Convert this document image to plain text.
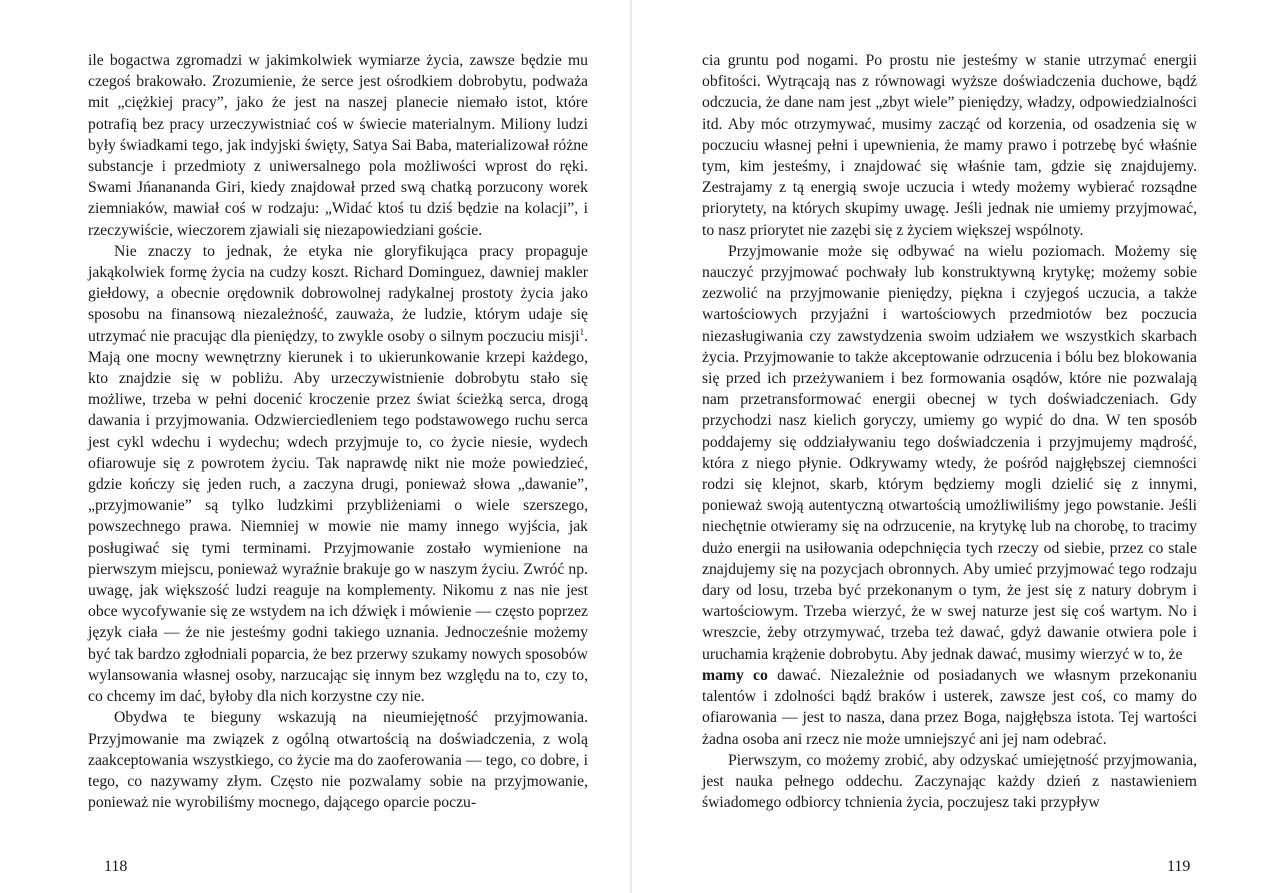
ile bogactwa zgromadzi w jakimkolwiek wymiarze życia, zawsze będzie mu czegoś brakowało. Zrozumienie, że serce jest ośrodkiem dobrobytu, podważa mit „ciężkiej pracy”, jako że jest na naszej planecie niemało istot, które potrafią bez pracy urzeczywistniać coś w świecie materialnym. Miliony ludzi były świadkami tego, jak indyjski święty, Satya Sai Baba, materializował różne substancje i przedmioty z uniwersalnego pola możliwości wprost do ręki. Swami Jńanananda Giri, kiedy znajdował przed swą chatką porzucony worek ziemniaków, mawiał coś w rodzaju: „Widać ktoś tu dziś będzie na kolacji”, i rzeczywiście, wieczorem zjawiali się niezapowiedziani goście.

Nie znaczy to jednak, że etyka nie gloryfikująca pracy propaguje jakąkolwiek formę życia na cudzy koszt. Richard Dominguez, dawniej makler giełdowy, a obecnie orędownik dobrowolnej radykalnej prostoty życia jako sposobu na finansową niezależność, zauważa, że ludzie, którym udaje się utrzymać nie pracując dla pieniędzy, to zwykle osoby o silnym poczuciu misji$^1$. Mają one mocny wewnętrzny kierunek i to ukierunkowanie krzepi każdego, kto znajdzie się w pobliżu. Aby urzeczywistnienie dobrobytu stało się możliwe, trzeba w pełni docenić kroczenie przez świat ścieżką serca, drogą dawania i przyjmowania. Odzwierciedleniem tego podstawowego ruchu serca jest cykl wdechu i wydechu; wdech przyjmuje to, co życie niesie, wydech ofiarowuje się z powrotem życiu. Tak naprawdę nikt nie może powiedzieć, gdzie kończy się jeden ruch, a zaczyna drugi, ponieważ słowa „dawanie”, „przyjmowanie” są tylko ludzkimi przybliżeniami o wiele szerszego, powszechnego prawa. Niemniej w mowie nie mamy innego wyjścia, jak posługiwać się tymi terminami. Przyjmowanie zostało wymienione na pierwszym miejscu, ponieważ wyraźnie brakuje go w naszym życiu. Zwróć np. uwagę, jak większość ludzi reaguje na komplementy. Nikomu z nas nie jest obce wycofywanie się ze wstydem na ich dźwięk i mówienie — często poprzez język ciała — że nie jesteśmy godni takiego uznania. Jednocześnie możemy być tak bardzo zgłodniali poparcia, że bez przerwy szukamy nowych sposobów wylansowania własnej osoby, narzucając się innym bez względu na to, czy to, co chcemy im dać, byłoby dla nich korzystne czy nie.

Obydwa te bieguny wskazują na nieumiejętność przyjmowania. Przyjmowanie ma związek z ogólną otwartością na doświadczenia, z wolą zaakceptowania wszystkiego, co życie ma do zaoferowania — tego, co dobre, i tego, co nazywamy złym. Często nie pozwalamy sobie na przyjmowanie, ponieważ nie wyrobiliśmy mocnego, dającego oparcie poczu-

118

cia gruntu pod nogami. Po prostu nie jesteśmy w stanie utrzymać energii obfitości. Wytrącają nas z równowagi wyższe doświadczenia duchowe, bądź odczucia, że dane nam jest „zbyt wiele” pieniędzy, władzy, odpowiedzialności itd. Aby móc otrzymywać, musimy zacząć od korzenia, od osadzenia się w poczuciu własnej pełni i upewnienia, że mamy prawo i potrzebę być właśnie tym, kim jesteśmy, i znajdować się właśnie tam, gdzie się znajdujemy. Zestrajamy z tą energią swoje uczucia i wtedy możemy wybierać rozsądne priorytety, na których skupimy uwagę. Jeśli jednak nie umiemy przyjmować, to nasz priorytet nie zazębi się z życiem większej wspólnoty.

Przyjmowanie może się odbywać na wielu poziomach. Możemy się nauczyć przyjmować pochwały lub konstruktywną krytykę; możemy sobie zezwolić na przyjmowanie pieniędzy, piękna i czyjegoś uczucia, a także wartościowych przyjaźni i wartościowych przedmiotów bez poczucia niezasługiwania czy zawstydzenia swoim udziałem we wszystkich skarbach życia. Przyjmowanie to także akceptowanie odrzucenia i bólu bez blokowania się przed ich przeżywaniem i bez formowania osądów, które nie pozwalają nam przetransformować energii obecnej w tych doświadczeniach. Gdy przychodzi nasz kielich goryczy, umiemy go wypić do dna. W ten sposób poddajemy się oddziaływaniu tego doświadczenia i przyjmujemy mądrość, która z niego płynie. Odkrywamy wtedy, że pośród najgłębszej ciemności rodzi się klejnot, skarb, którym będziemy mogli dzielić się z innymi, ponieważ swoją autentyczną otwartością umożliwiliśmy jego powstanie. Jeśli niechętnie otwieramy się na odrzucenie, na krytykę lub na chorobę, to tracimy dużo energii na usiłowania odepchnięcia tych rzeczy od siebie, przez co stale znajdujemy się na pozycjach obronnych. Aby umieć przyjmować tego rodzaju dary od losu, trzeba być przekonanym o tym, że jest się z natury dobrym i wartościowym. Trzeba wierzyć, że w swej naturze jest się coś wartym. No i wreszcie, żeby otrzymywać, trzeba też dawać, gdyż dawanie otwiera pole i uruchamia krążenie dobrobytu. Aby jednak dawać, musimy wierzyć w to, że

mamy co dawać. Niezależnie od posiadanych we własnym przekonaniu talentów i zdolności bądź braków i usterek, zawsze jest coś, co mamy do ofiarowania — jest to nasza, dana przez Boga, najgłębsza istota. Tej wartości żadna osoba ani rzecz nie może umniejszyć ani jej nam odebrać.

Pierwszym, co możemy zrobić, aby odzyskać umiejętność przyjmowania, jest nauka pełnego oddechu. Zaczynając każdy dzień z nastawieniem świadomego odbiorcy tchnienia życia, poczujesz taki przypływ

119
